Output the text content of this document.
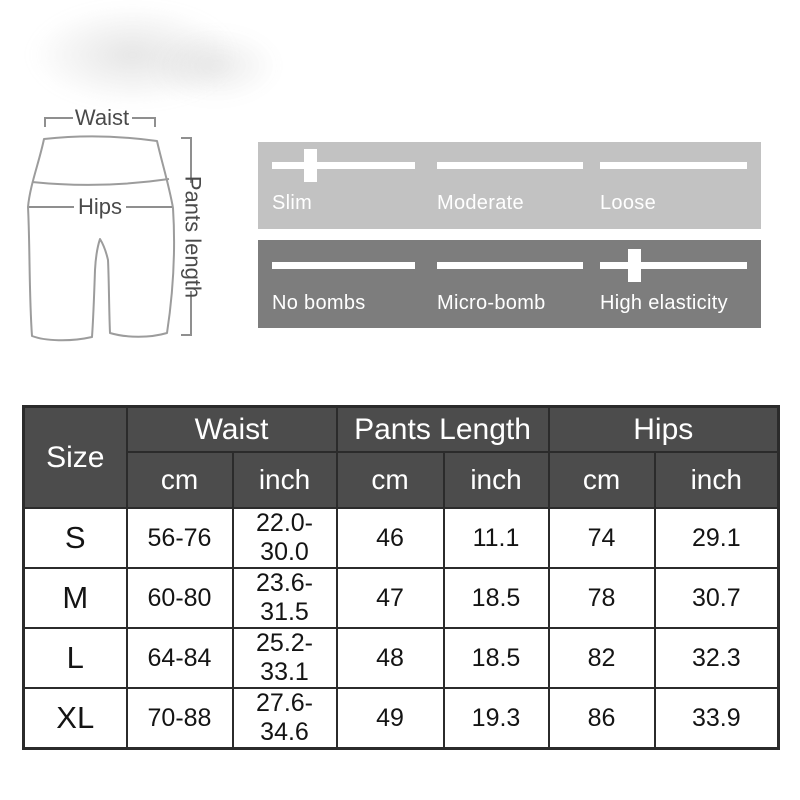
Waist
Hips	Pants length	Slim	Moderate	Loose
No bombs	Micro-bomb	High elasticity
Size	Waist		Pants Length		Hips	
	cm	inch	cm	inch	cm	inch
S	56-76	22.0-30.0	46	11.1	74	29.1
M	60-80	23.6-31.5	47	18.5	78	30.7
L	64-84	25.2-33.1	48	18.5	82	32.3
XL	70-88	27.6-34.6	49	19.3	86	33.9
